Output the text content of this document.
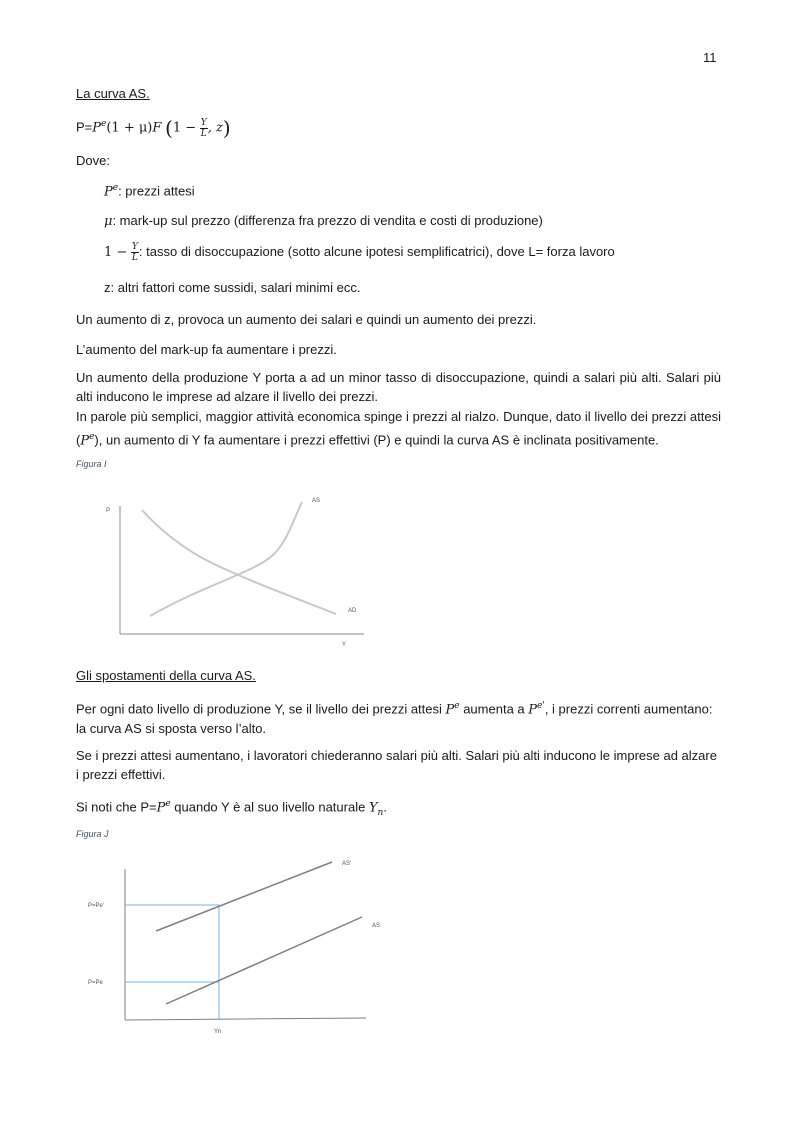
11
La curva AS.
$P=P^e(1 + \mu)F$ ($1 - \frac{Y}{L}$ , z)
Dove:
$P^e$: prezzi attesi
μ: mark-up sul prezzo (differenza fra prezzo di vendita e costi di produzione)
$1 - \frac{Y}{L}$ : tasso di disoccupazione (sotto alcune ipotesi semplificatrici), dove L= forza lavoro
z: altri fattori come sussidi, salari minimi ecc.
Un aumento di z, provoca un aumento dei salari e quindi un aumento dei prezzi.
L’aumento del mark-up fa aumentare i prezzi.
Un aumento della produzione Y porta a ad un minor tasso di disoccupazione, quindi a salari più alti. Salari più alti inducono le imprese ad alzare il livello dei prezzi.
In parole più semplici, maggior attività economica spinge i prezzi al rialzo. Dunque, dato il livello dei prezzi attesi $(P^e)$, un aumento di Y fa aumentare i prezzi effettivi (P) e quindi la curva AS è inclinata positivamente.
Figura I
P
Y
AS
AD
Gli spostamenti della curva AS.
Per ogni dato livello di produzione Y, se il livello dei prezzi attesi $P^e$ aumenta a $P^{e'}$, i prezzi correnti aumentano: la curva AS si sposta verso l’alto.
Se i prezzi attesi aumentano, i lavoratori chiederanno salari più alti. Salari più alti inducono le imprese ad alzare i prezzi effettivi.
Si noti che $P=P^e$ quando Y è al suo livello naturale $Y_n$.
Figura J
P=Pe'
P=Pe
Yn
AS'
AS
